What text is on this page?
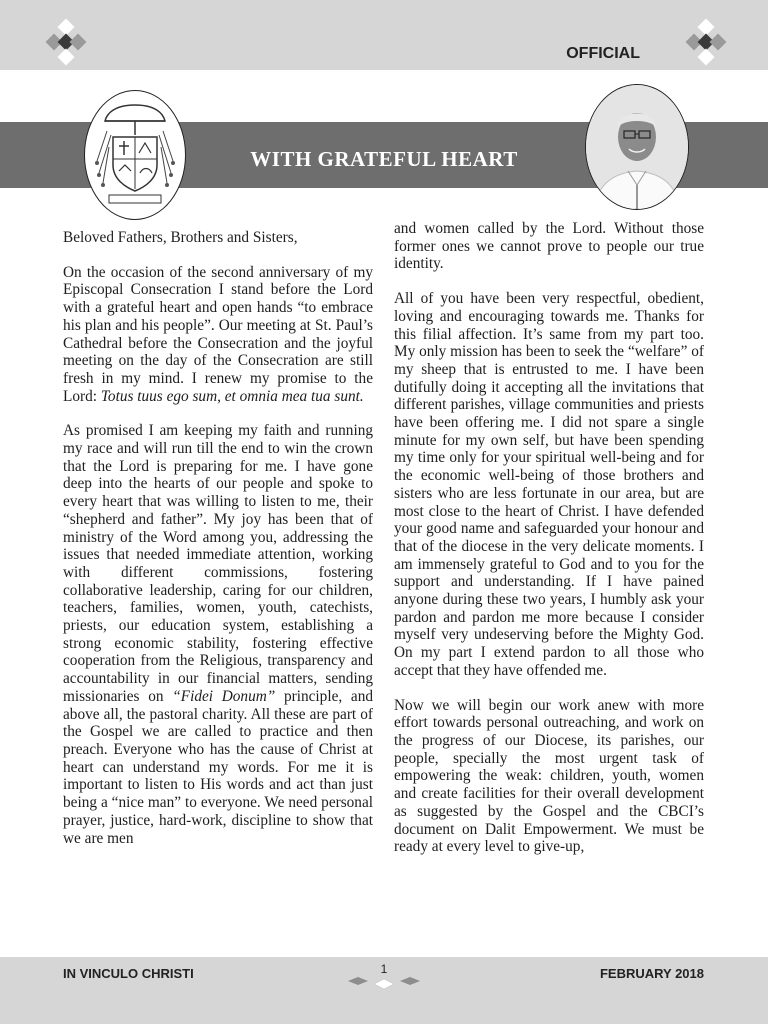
OFFICIAL
WITH GRATEFUL HEART

Beloved Fathers, Brothers and Sisters,

On the occasion of the second anniversary of my Episcopal Consecration I stand before the Lord with a grateful heart and open hands “to embrace his plan and his people”. Our meeting at St. Paul’s Cathedral before the Consecration and the joyful meeting on the day of the Consecration are still fresh in my mind. I renew my promise to the Lord: Totus tuus ego sum, et omnia mea tua sunt.

As promised I am keeping my faith and running my race and will run till the end to win the crown that the Lord is preparing for me. I have gone deep into the hearts of our people and spoke to every heart that was willing to listen to me, their “shepherd and father”. My joy has been that of ministry of the Word among you, addressing the issues that needed immediate attention, working with different commissions, fostering collaborative leadership, caring for our children, teachers, families, women, youth, catechists, priests, our education system, establishing a strong economic stability, fostering effective cooperation from the Religious, transparency and accountability in our financial matters, sending missionaries on “Fidei Donum” principle, and above all, the pastoral charity. All these are part of the Gospel we are called to practice and then preach. Everyone who has the cause of Christ at heart can understand my words. For me it is important to listen to His words and act than just being a “nice man” to everyone. We need personal prayer, justice, hard-work, discipline to show that we are men

and women called by the Lord. Without those former ones we cannot prove to people our true identity.

All of you have been very respectful, obedient, loving and encouraging towards me. Thanks for this filial affection. It’s same from my part too. My only mission has been to seek the “welfare” of my sheep that is entrusted to me. I have been dutifully doing it accepting all the invitations that different parishes, village communities and priests have been offering me. I did not spare a single minute for my own self, but have been spending my time only for your spiritual well-being and for the economic well-being of those brothers and sisters who are less fortunate in our area, but are most close to the heart of Christ. I have defended your good name and safeguarded your honour and that of the diocese in the very delicate moments. I am immensely grateful to God and to you for the support and understanding. If I have pained anyone during these two years, I humbly ask your pardon and pardon me more because I consider myself very undeserving before the Mighty God. On my part I extend pardon to all those who accept that they have offended me.

Now we will begin our work anew with more effort towards personal outreaching, and work on the progress of our Diocese, its parishes, our people, specially the most urgent task of empowering the weak: children, youth, women and create facilities for their overall development as suggested by the Gospel and the CBCI’s document on Dalit Empowerment. We must be ready at every level to give-up,

IN VINCULO CHRISTI	1	FEBRUARY 2018
